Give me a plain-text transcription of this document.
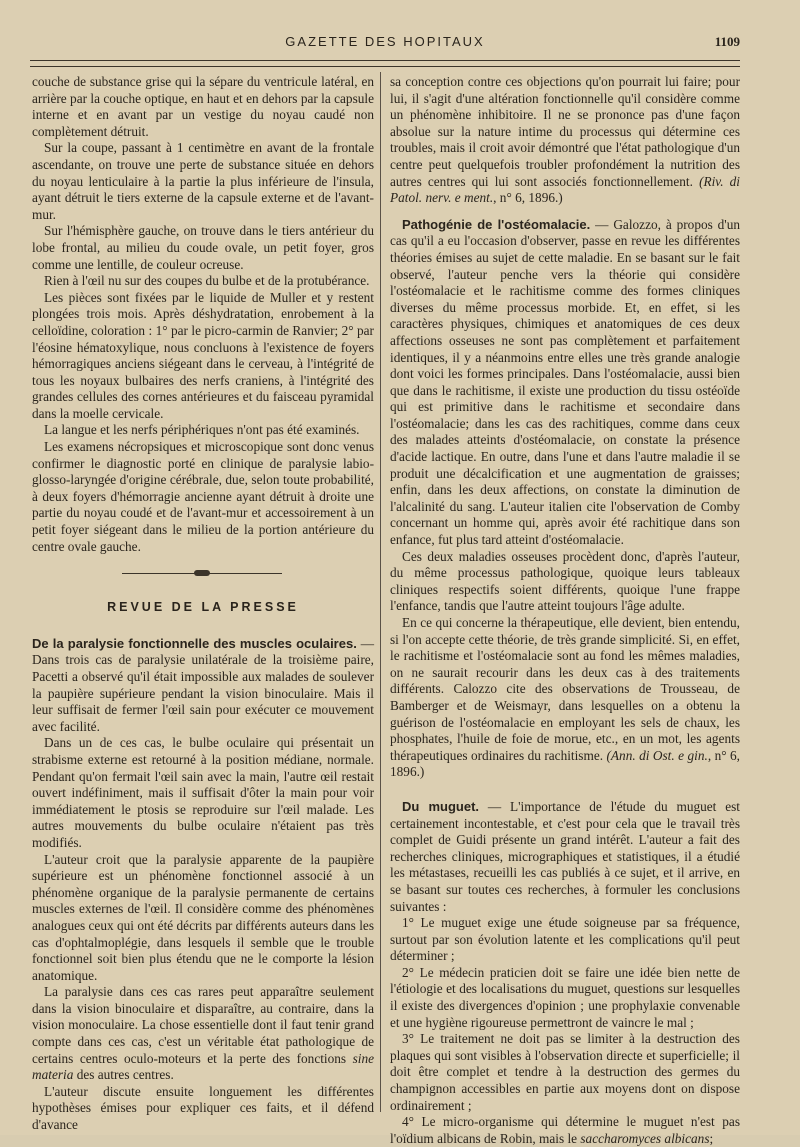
GAZETTE DES HOPITAUX	1109

couche de substance grise qui la sépare du ventricule latéral, en arrière par la couche optique, en haut et en dehors par la capsule interne et en avant par un vestige du noyau caudé non complètement détruit.

Sur la coupe, passant à 1 centimètre en avant de la frontale ascendante, on trouve une perte de substance située en dehors du noyau lenticulaire à la partie la plus inférieure de l'insula, ayant détruit le tiers externe de la capsule externe et de l'avant-mur.

Sur l'hémisphère gauche, on trouve dans le tiers antérieur du lobe frontal, au milieu du coude ovale, un petit foyer, gros comme une lentille, de couleur ocreuse.

Rien à l'œil nu sur des coupes du bulbe et de la protubérance.

Les pièces sont fixées par le liquide de Muller et y restent plongées trois mois. Après déshydratation, enrobement à la celloïdine, coloration : 1° par le picro-carmin de Ranvier; 2° par l'éosine hématoxylique, nous concluons à l'existence de foyers hémorragiques anciens siégeant dans le cerveau, à l'intégrité de tous les noyaux bulbaires des nerfs craniens, à l'intégrité des grandes cellules des cornes antérieures et du faisceau pyramidal dans la moelle cervicale.

La langue et les nerfs périphériques n'ont pas été examinés.

Les examens nécropsiques et microscopique sont donc venus confirmer le diagnostic porté en clinique de paralysie labio-glosso-laryngée d'origine cérébrale, due, selon toute probabilité, à deux foyers d'hémorragie ancienne ayant détruit à droite une partie du noyau coudé et de l'avant-mur et accessoirement à un petit foyer siégeant dans le milieu de la portion antérieure du centre ovale gauche.

REVUE DE LA PRESSE

De la paralysie fonctionnelle des muscles oculaires. — Dans trois cas de paralysie unilatérale de la troisième paire, Pacetti a observé qu'il était impossible aux malades de soulever la paupière supérieure pendant la vision binoculaire. Mais il leur suffisait de fermer l'œil sain pour exécuter ce mouvement avec facilité.

Dans un de ces cas, le bulbe oculaire qui présentait un strabisme externe est retourné à la position médiane, normale. Pendant qu'on fermait l'œil sain avec la main, l'autre œil restait ouvert indéfiniment, mais il suffisait d'ôter la main pour voir immédiatement le ptosis se reproduire sur l'œil malade. Les autres mouvements du bulbe oculaire n'étaient pas très modifiés.

L'auteur croit que la paralysie apparente de la paupière supérieure est un phénomène fonctionnel associé à un phénomène organique de la paralysie permanente de certains muscles externes de l'œil. Il considère comme des phénomènes analogues ceux qui ont été décrits par différents auteurs dans les cas d'ophtalmoplégie, dans lesquels il semble que le trouble fonctionnel soit bien plus étendu que ne le comporte la lésion anatomique.

La paralysie dans ces cas rares peut apparaître seulement dans la vision binoculaire et disparaître, au contraire, dans la vision monoculaire. La chose essentielle dont il faut tenir grand compte dans ces cas, c'est un véritable état pathologique de certains centres oculo-moteurs et la perte des fonctions sine materia des autres centres.

L'auteur discute ensuite longuement les différentes hypothèses émises pour expliquer ces faits, et il défend d'avance

sa conception contre ces objections qu'on pourrait lui faire; pour lui, il s'agit d'une altération fonctionnelle qu'il considère comme un phénomène inhibitoire. Il ne se prononce pas d'une façon absolue sur la nature intime du processus qui détermine ces troubles, mais il croit avoir démontré que l'état pathologique d'un centre peut quelquefois troubler profondément la nutrition des autres centres qui lui sont associés fonctionnellement. (Riv. di Patol. nerv. e ment., n° 6, 1896.)

Pathogénie de l'ostéomalacie. — Galozzo, à propos d'un cas qu'il a eu l'occasion d'observer, passe en revue les différentes théories émises au sujet de cette maladie. En se basant sur le fait observé, l'auteur penche vers la théorie qui considère l'ostéomalacie et le rachitisme comme des formes cliniques diverses du même processus morbide. Et, en effet, si les caractères physiques, chimiques et anatomiques de ces deux affections osseuses ne sont pas complètement et parfaitement identiques, il y a néanmoins entre elles une très grande analogie dont voici les formes principales. Dans l'ostéomalacie, aussi bien que dans le rachitisme, il existe une production du tissu ostéoïde qui est primitive dans le rachitisme et secondaire dans l'ostéomalacie; dans les cas des rachitiques, comme dans ceux des malades atteints d'ostéomalacie, on constate la présence d'acide lactique. En outre, dans l'une et dans l'autre maladie il se produit une décalcification et une augmentation de graisses; enfin, dans les deux affections, on constate la diminution de l'alcalinité du sang. L'auteur italien cite l'observation de Comby concernant un homme qui, après avoir été rachitique dans son enfance, fut plus tard atteint d'ostéomalacie.

Ces deux maladies osseuses procèdent donc, d'après l'auteur, du même processus pathologique, quoique leurs tableaux cliniques respectifs soient différents, quoique l'une frappe l'enfance, tandis que l'autre atteint toujours l'âge adulte.

En ce qui concerne la thérapeutique, elle devient, bien entendu, si l'on accepte cette théorie, de très grande simplicité. Si, en effet, le rachitisme et l'ostéomalacie sont au fond les mêmes maladies, on ne saurait recourir dans les deux cas à des traitements différents. Calozzo cite des observations de Trousseau, de Bamberger et de Weismayr, dans lesquelles on a obtenu la guérison de l'ostéomalacie en employant les sels de chaux, les phosphates, l'huile de foie de morue, etc., en un mot, les agents thérapeutiques ordinaires du rachitisme. (Ann. di Ost. e gin., n° 6, 1896.)

Du muguet. — L'importance de l'étude du muguet est certainement incontestable, et c'est pour cela que le travail très complet de Guidi présente un grand intérêt. L'auteur a fait des recherches cliniques, micrographiques et statistiques, il a étudié les métastases, recueilli les cas publiés à ce sujet, et il arrive, en se basant sur toutes ces recherches, à formuler les conclusions suivantes :

1° Le muguet exige une étude soigneuse par sa fréquence, surtout par son évolution latente et les complications qu'il peut déterminer ;

2° Le médecin praticien doit se faire une idée bien nette de l'étiologie et des localisations du muguet, questions sur lesquelles il existe des divergences d'opinion ; une prophylaxie convenable et une hygiène rigoureuse permettront de vaincre le mal ;

3° Le traitement ne doit pas se limiter à la destruction des plaques qui sont visibles à l'observation directe et superficielle; il doit être complet et tendre à la destruction des germes du champignon accessibles en partie aux moyens dont on dispose ordinairement ;

4° Le micro-organisme qui détermine le muguet n'est pas l'oïdium albicans de Robin, mais le saccharomyces albicans;
